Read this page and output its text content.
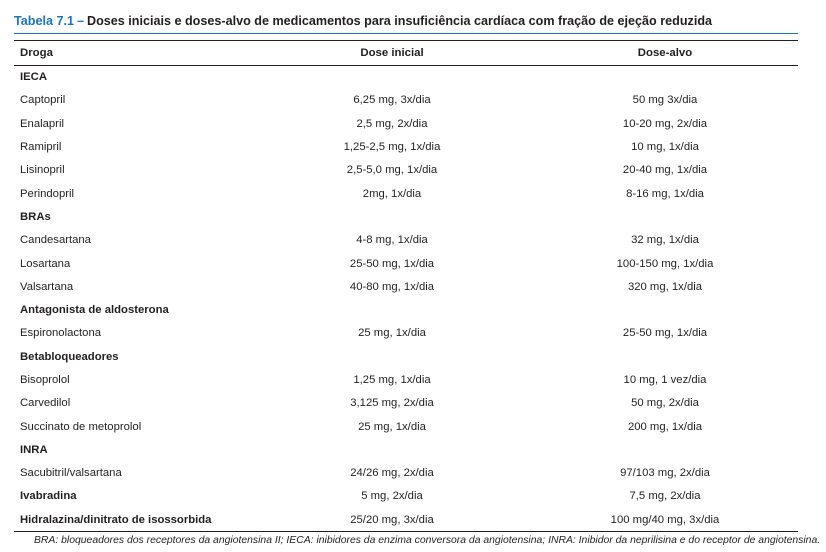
Tabela 7.1 – Doses iniciais e doses-alvo de medicamentos para insuficiência cardíaca com fração de ejeção reduzida
Droga	Dose inicial	Dose-alvo
IECA		
Captopril	6,25 mg, 3x/dia	50 mg 3x/dia
Enalapril	2,5 mg, 2x/dia	10-20 mg, 2x/dia
Ramipril	1,25-2,5 mg, 1x/dia	10 mg, 1x/dia
Lisinopril	2,5-5,0 mg, 1x/dia	20-40 mg, 1x/dia
Perindopril	2mg, 1x/dia	8-16 mg, 1x/dia
BRAs		
Candesartana	4-8 mg, 1x/dia	32 mg, 1x/dia
Losartana	25-50 mg, 1x/dia	100-150 mg, 1x/dia
Valsartana	40-80 mg, 1x/dia	320 mg, 1x/dia
Antagonista de aldosterona		
Espironolactona	25 mg, 1x/dia	25-50 mg, 1x/dia
Betabloqueadores		
Bisoprolol	1,25 mg, 1x/dia	10 mg, 1 vez/dia
Carvedilol	3,125 mg, 2x/dia	50 mg, 2x/dia
Succinato de metoprolol	25 mg, 1x/dia	200 mg, 1x/dia
INRA		
Sacubitril/valsartana	24/26 mg, 2x/dia	97/103 mg, 2x/dia
Ivabradina	5 mg, 2x/dia	7,5 mg, 2x/dia
Hidralazina/dinitrato de isossorbida	25/20 mg, 3x/dia	100 mg/40 mg, 3x/dia
BRA: bloqueadores dos receptores da angiotensina II; IECA: inibidores da enzima conversora da angiotensina; INRA: Inibidor da neprilisina e do receptor de angiotensina.
